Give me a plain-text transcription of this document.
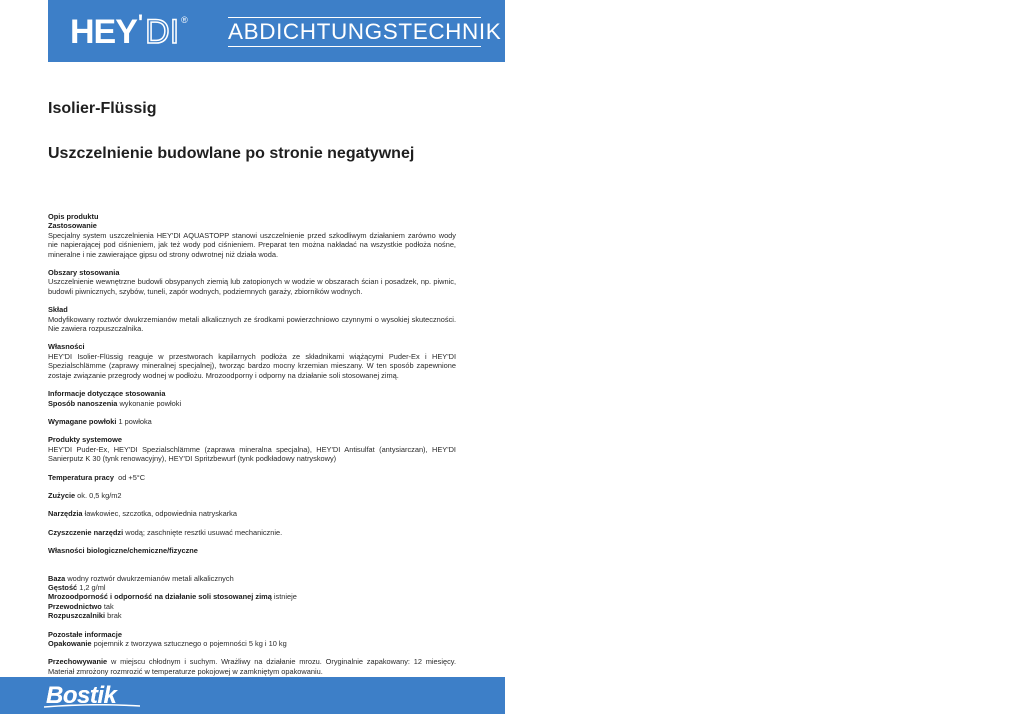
HEY ' DI ® ABDICHTUNGSTECHNIK
Isolier-Flüssig
Uszczelnienie budowlane po stronie negatywnej

Opis produktu

Zastosowanie

Specjalny system uszczelnienia HEY'DI AQUASTOPP stanowi uszczelnienie przed szkodliwym działaniem zarówno wody nie napierającej pod ciśnieniem, jak też wody pod ciśnieniem. Preparat ten można nakładać na wszystkie podłoża nośne, mineralne i nie zawierające gipsu od strony odwrotnej niż działa woda.

Obszary stosowania

Uszczelnienie wewnętrzne budowli obsypanych ziemią lub zatopionych w wodzie w obszarach ścian i posadzek, np. piwnic, budowli piwnicznych, szybów, tuneli, zapór wodnych, podziemnych garaży, zbiorników wodnych.

Skład

Modyfikowany roztwór dwukrzemianów metali alkalicznych ze środkami powierzchniowo czynnymi o wysokiej skuteczności. Nie zawiera rozpuszczalnika.

Własności

HEY'DI Isolier-Flüssig reaguje w przestworach kapilarnych podłoża ze składnikami wiążącymi Puder-Ex i HEY'DI Spezialschlämme (zaprawy mineralnej specjalnej), tworząc bardzo mocny krzemian mieszany. W ten sposób zapewnione zostaje związanie przegrody wodnej w podłożu. Mrozoodporny i odporny na działanie soli stosowanej zimą.

Informacje dotyczące stosowania

Sposób nanoszenia wykonanie powłoki

Wymagane powłoki 1 powłoka

Produkty systemowe

HEY'DI Puder-Ex, HEY'DI Spezialschlämme (zaprawa mineralna specjalna), HEY'DI Antisulfat (antysiarczan), HEY'DI Sanierputz K 30 (tynk renowacyjny), HEY'DI Spritzbewurf (tynk podkładowy natryskowy)

Temperatura pracy od +5°C

Zużycie ok. 0,5 kg/m2

Narzędzia ławkowiec, szczotka, odpowiednia natryskarka

Czyszczenie narzędzi wodą; zaschnięte resztki usuwać mechanicznie.

Własności biologiczne/chemiczne/fizyczne

Baza wodny roztwór dwukrzemianów metali alkalicznych

Gęstość 1,2 g/ml

Mrozoodporność i odporność na działanie soli stosowanej zimą istnieje

Przewodnictwo tak

Rozpuszczalniki brak

Pozostałe informacje

Opakowanie pojemnik z tworzywa sztucznego o pojemności 5 kg i 10 kg

Przechowywanie w miejscu chłodnym i suchym. Wrażliwy na działanie mrozu. Oryginalnie zapakowany: 12 miesięcy. Materiał zmrożony rozmrozić w temperaturze pokojowej w zamkniętym opakowaniu.

Bostik
